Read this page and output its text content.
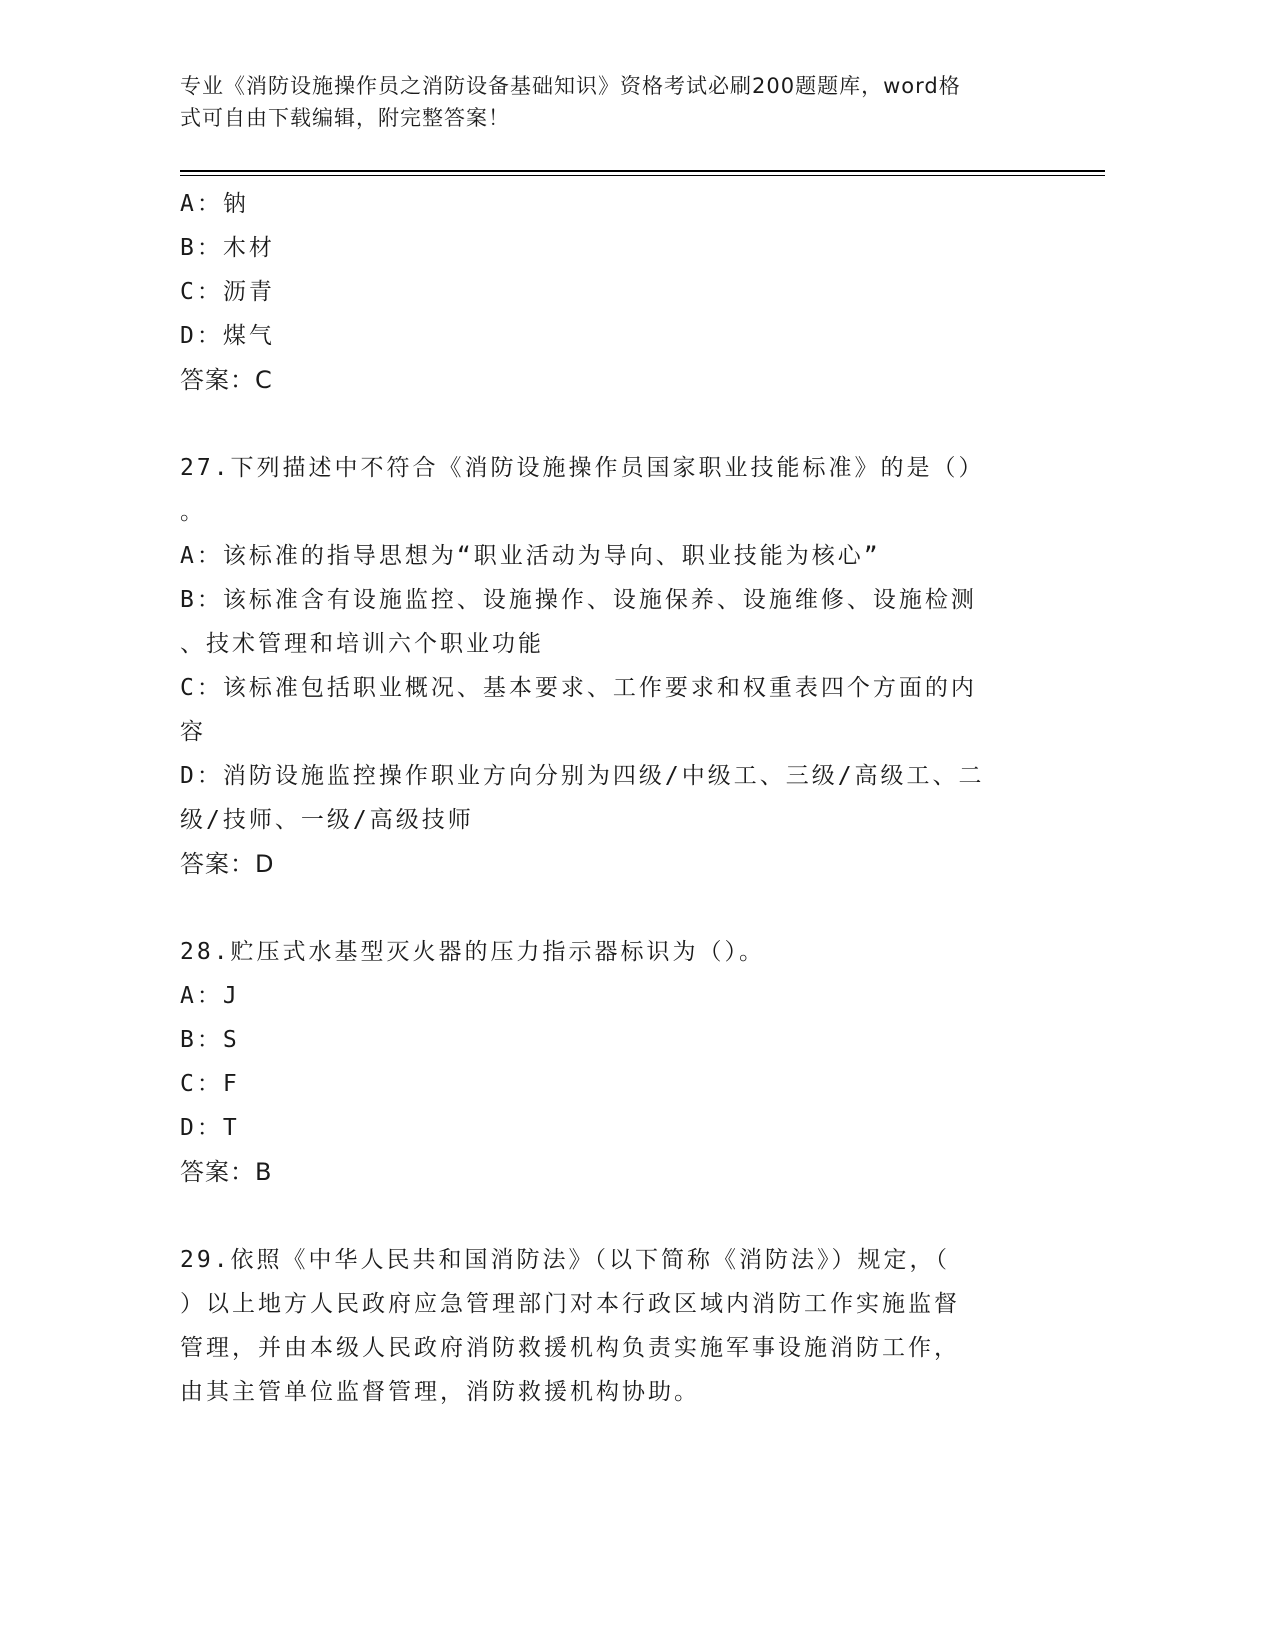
专业《消防设施操作员之消防设备基础知识》资格考试必刷200题题库，word格
式可自由下载编辑，附完整答案！
A：钠
B：木材
C：沥青
D：煤气
答案：C
27.下列描述中不符合《消防设施操作员国家职业技能标准》的是（）
。
A：该标准的指导思想为“职业活动为导向、职业技能为核心”
B：该标准含有设施监控、设施操作、设施保养、设施维修、设施检测
、技术管理和培训六个职业功能
C：该标准包括职业概况、基本要求、工作要求和权重表四个方面的内
容
D：消防设施监控操作职业方向分别为四级/中级工、三级/高级工、二
级/技师、一级/高级技师
答案：D
28.贮压式水基型灭火器的压力指示器标识为（）。
A：J
B：S
C：F
D：T
答案：B
29.依照《中华人民共和国消防法》（以下简称《消防法》）规定，（
）以上地方人民政府应急管理部门对本行政区域内消防工作实施监督
管理，并由本级人民政府消防救援机构负责实施军事设施消防工作，
由其主管单位监督管理，消防救援机构协助。
